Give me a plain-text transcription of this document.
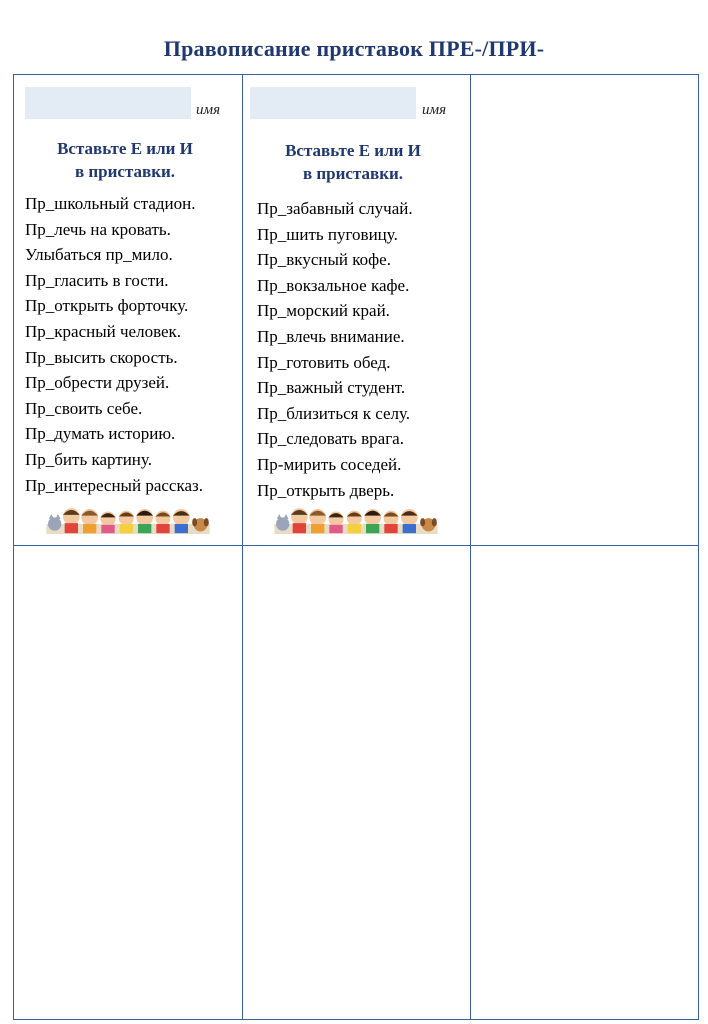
Правописание приставок ПРЕ-/ПРИ-
имя
Вставьте Е или И
в приставки.
Пр_школьный стадион.
Пр_лечь на кровать.
Улыбаться пр_мило.
Пр_гласить в гости.
Пр_открыть форточку.
Пр_красный человек.
Пр_высить скорость.
Пр_обрести друзей.
Пр_своить себе.
Пр_думать историю.
Пр_бить картину.
Пр_интересный рассказ.
имя
Вставьте Е или И
в приставки.
Пр_забавный случай.
Пр_шить пуговицу.
Пр_вкусный кофе.
Пр_вокзальное кафе.
Пр_морский край.
Пр_влечь внимание.
Пр_готовить обед.
Пр_важный студент.
Пр_близиться к селу.
Пр_следовать врага.
Пр-мирить соседей.
Пр_открыть дверь.
